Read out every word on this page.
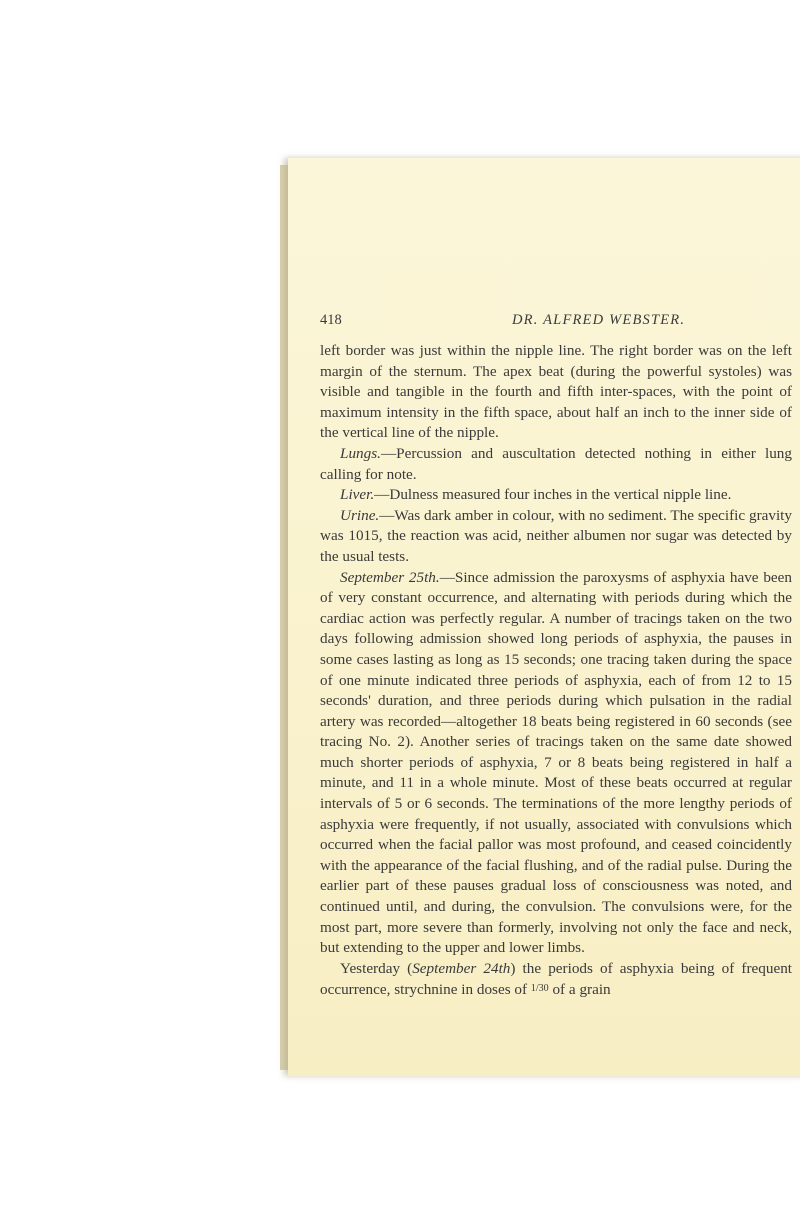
418	DR. ALFRED WEBSTER.

left border was just within the nipple line. The right border was on the left margin of the sternum. The apex beat (during the powerful systoles) was visible and tangible in the fourth and fifth inter-spaces, with the point of maximum intensity in the fifth space, about half an inch to the inner side of the vertical line of the nipple.

Lungs.—Percussion and auscultation detected nothing in either lung calling for note.

Liver.—Dulness measured four inches in the vertical nipple line.

Urine.—Was dark amber in colour, with no sediment. The specific gravity was 1015, the reaction was acid, neither albumen nor sugar was detected by the usual tests.

September 25th.—Since admission the paroxysms of asphyxia have been of very constant occurrence, and alternating with periods during which the cardiac action was perfectly regular. A number of tracings taken on the two days following admission showed long periods of asphyxia, the pauses in some cases lasting as long as 15 seconds; one tracing taken during the space of one minute indicated three periods of asphyxia, each of from 12 to 15 seconds' duration, and three periods during which pulsation in the radial artery was recorded—altogether 18 beats being registered in 60 seconds (see tracing No. 2). Another series of tracings taken on the same date showed much shorter periods of asphyxia, 7 or 8 beats being registered in half a minute, and 11 in a whole minute. Most of these beats occurred at regular intervals of 5 or 6 seconds. The terminations of the more lengthy periods of asphyxia were frequently, if not usually, associated with convulsions which occurred when the facial pallor was most profound, and ceased coincidently with the appearance of the facial flushing, and of the radial pulse. During the earlier part of these pauses gradual loss of consciousness was noted, and continued until, and during, the convulsion. The convulsions were, for the most part, more severe than formerly, involving not only the face and neck, but extending to the upper and lower limbs.

Yesterday (September 24th) the periods of asphyxia being of frequent occurrence, strychnine in doses of 1/30 of a grain
